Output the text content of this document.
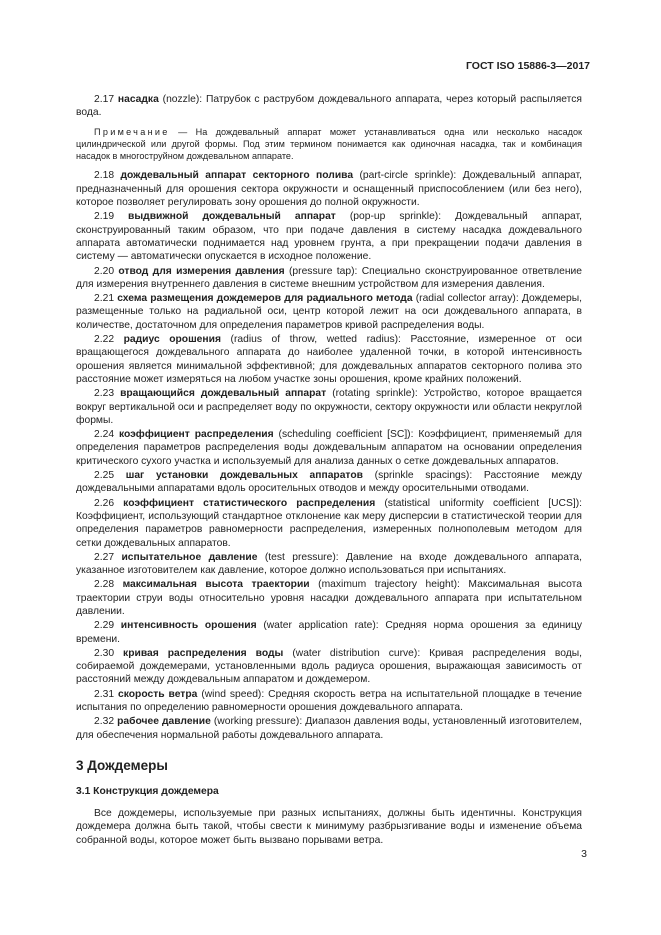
ГОСТ ISO 15886-3—2017

2.17 насадка (nozzle): Патрубок с раструбом дождевального аппарата, через который распыляется вода.

Примечание — На дождевальный аппарат может устанавливаться одна или несколько насадок цилиндрической или другой формы. Под этим термином понимается как одиночная насадка, так и комбинация насадок в многоструйном дождевальном аппарате.

2.18 дождевальный аппарат секторного полива (part-circle sprinkle): Дождевальный аппарат, предназначенный для орошения сектора окружности и оснащенный приспособлением (или без него), которое позволяет регулировать зону орошения до полной окружности.

2.19 выдвижной дождевальный аппарат (pop-up sprinkle): Дождевальный аппарат, сконструированный таким образом, что при подаче давления в систему насадка дождевального аппарата автоматически поднимается над уровнем грунта, а при прекращении подачи давления в систему — автоматически опускается в исходное положение.

2.20 отвод для измерения давления (pressure tap): Специально сконструированное ответвление для измерения внутреннего давления в системе внешним устройством для измерения давления.

2.21 схема размещения дождемеров для радиального метода (radial collector array): Дождемеры, размещенные только на радиальной оси, центр которой лежит на оси дождевального аппарата, в количестве, достаточном для определения параметров кривой распределения воды.

2.22 радиус орошения (radius of throw, wetted radius): Расстояние, измеренное от оси вращающегося дождевального аппарата до наиболее удаленной точки, в которой интенсивность орошения является минимальной эффективной; для дождевальных аппаратов секторного полива это расстояние может измеряться на любом участке зоны орошения, кроме крайних положений.

2.23 вращающийся дождевальный аппарат (rotating sprinkle): Устройство, которое вращается вокруг вертикальной оси и распределяет воду по окружности, сектору окружности или области некруглой формы.

2.24 коэффициент распределения (scheduling coefficient [SC]): Коэффициент, применяемый для определения параметров распределения воды дождевальным аппаратом на основании определения критического сухого участка и используемый для анализа данных о сетке дождевальных аппаратов.

2.25 шаг установки дождевальных аппаратов (sprinkle spacings): Расстояние между дождевальными аппаратами вдоль оросительных отводов и между оросительными отводами.

2.26 коэффициент статистического распределения (statistical uniformity coefficient [UCS]): Коэффициент, использующий стандартное отклонение как меру дисперсии в статистической теории для определения параметров равномерности распределения, измеренных полнополевым методом для сетки дождевальных аппаратов.

2.27 испытательное давление (test pressure): Давление на входе дождевального аппарата, указанное изготовителем как давление, которое должно использоваться при испытаниях.

2.28 максимальная высота траектории (maximum trajectory height): Максимальная высота траектории струи воды относительно уровня насадки дождевального аппарата при испытательном давлении.

2.29 интенсивность орошения (water application rate): Средняя норма орошения за единицу времени.

2.30 кривая распределения воды (water distribution curve): Кривая распределения воды, собираемой дождемерами, установленными вдоль радиуса орошения, выражающая зависимость от расстояний между дождевальным аппаратом и дождемером.

2.31 скорость ветра (wind speed): Средняя скорость ветра на испытательной площадке в течение испытания по определению равномерности орошения дождевального аппарата.

2.32 рабочее давление (working pressure): Диапазон давления воды, установленный изготовителем, для обеспечения нормальной работы дождевального аппарата.

3 Дождемеры
3.1 Конструкция дождемера

Все дождемеры, используемые при разных испытаниях, должны быть идентичны. Конструкция дождемера должна быть такой, чтобы свести к минимуму разбрызгивание воды и изменение объема собранной воды, которое может быть вызвано порывами ветра.

3
